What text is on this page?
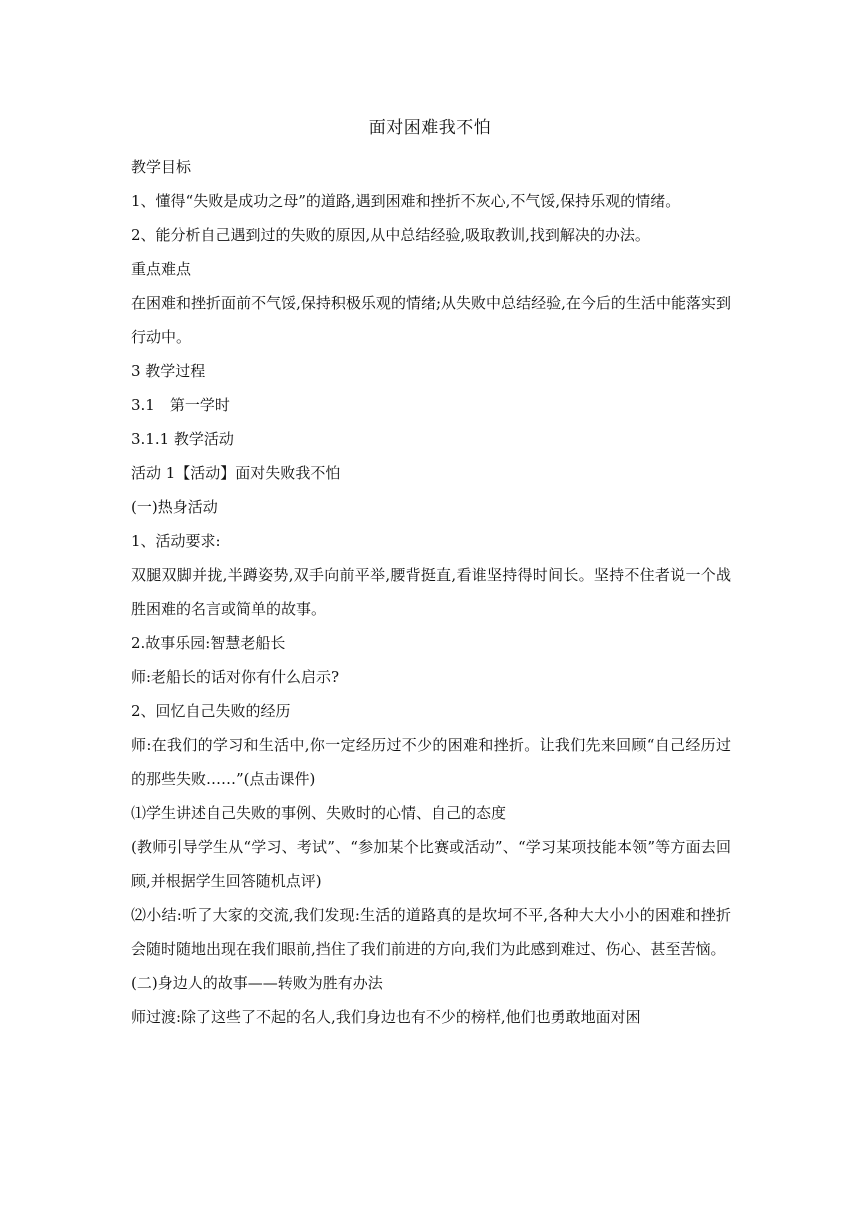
面对困难我不怕

教学目标

1、懂得“失败是成功之母”的道路,遇到困难和挫折不灰心,不气馁,保持乐观的情绪。

2、能分析自己遇到过的失败的原因,从中总结经验,吸取教训,找到解决的办法。

重点难点

在困难和挫折面前不气馁,保持积极乐观的情绪;从失败中总结经验,在今后的生活中能落实到行动中。

3 教学过程

3.1　第一学时

3.1.1 教学活动

活动 1【活动】面对失败我不怕

(一)热身活动

1、活动要求:

双腿双脚并拢,半蹲姿势,双手向前平举,腰背挺直,看谁坚持得时间长。坚持不住者说一个战胜困难的名言或简单的故事。

2.故事乐园:智慧老船长

师:老船长的话对你有什么启示?

2、回忆自己失败的经历

师:在我们的学习和生活中,你一定经历过不少的困难和挫折。让我们先来回顾“自己经历过的那些失败……”(点击课件)

⑴学生讲述自己失败的事例、失败时的心情、自己的态度

(教师引导学生从“学习、考试”、“参加某个比赛或活动”、“学习某项技能本领”等方面去回顾,并根据学生回答随机点评)

⑵小结:听了大家的交流,我们发现:生活的道路真的是坎坷不平,各种大大小小的困难和挫折会随时随地出现在我们眼前,挡住了我们前进的方向,我们为此感到难过、伤心、甚至苦恼。

(二)身边人的故事——转败为胜有办法

师过渡:除了这些了不起的名人,我们身边也有不少的榜样,他们也勇敢地面对困
